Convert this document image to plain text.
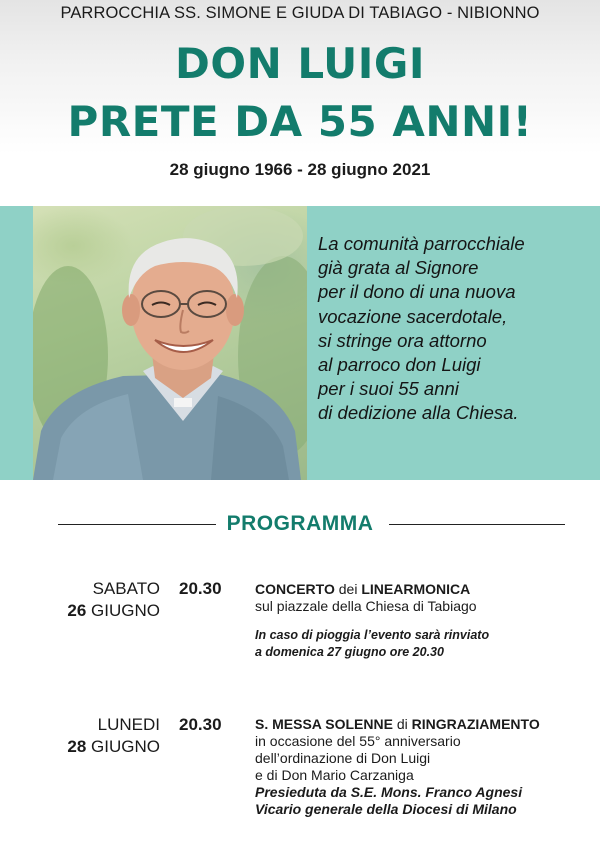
PARROCCHIA SS. SIMONE E GIUDA DI TABIAGO - NIBIONNO
DON LUIGI
PRETE DA 55 ANNI!
28 giugno 1966 - 28 giugno 2021
La comunità parrocchiale
già grata al Signore
per il dono di una nuova
vocazione sacerdotale,
si stringe ora attorno
al parroco don Luigi
per i suoi 55 anni
di dedizione alla Chiesa.
PROGRAMMA
SABATO
26 GIUGNO
20.30 CONCERTO dei LINEARMONICA
sul piazzale della Chiesa di Tabiago
In caso di pioggia l’evento sarà rinviato
a domenica 27 giugno ore 20.30
LUNEDI
28 GIUGNO
20.30 S. MESSA SOLENNE di RINGRAZIAMENTO
in occasione del 55° anniversario
dell’ordinazione di Don Luigi
e di Don Mario Carzaniga
Presieduta da S.E. Mons. Franco Agnesi
Vicario generale della Diocesi di Milano
